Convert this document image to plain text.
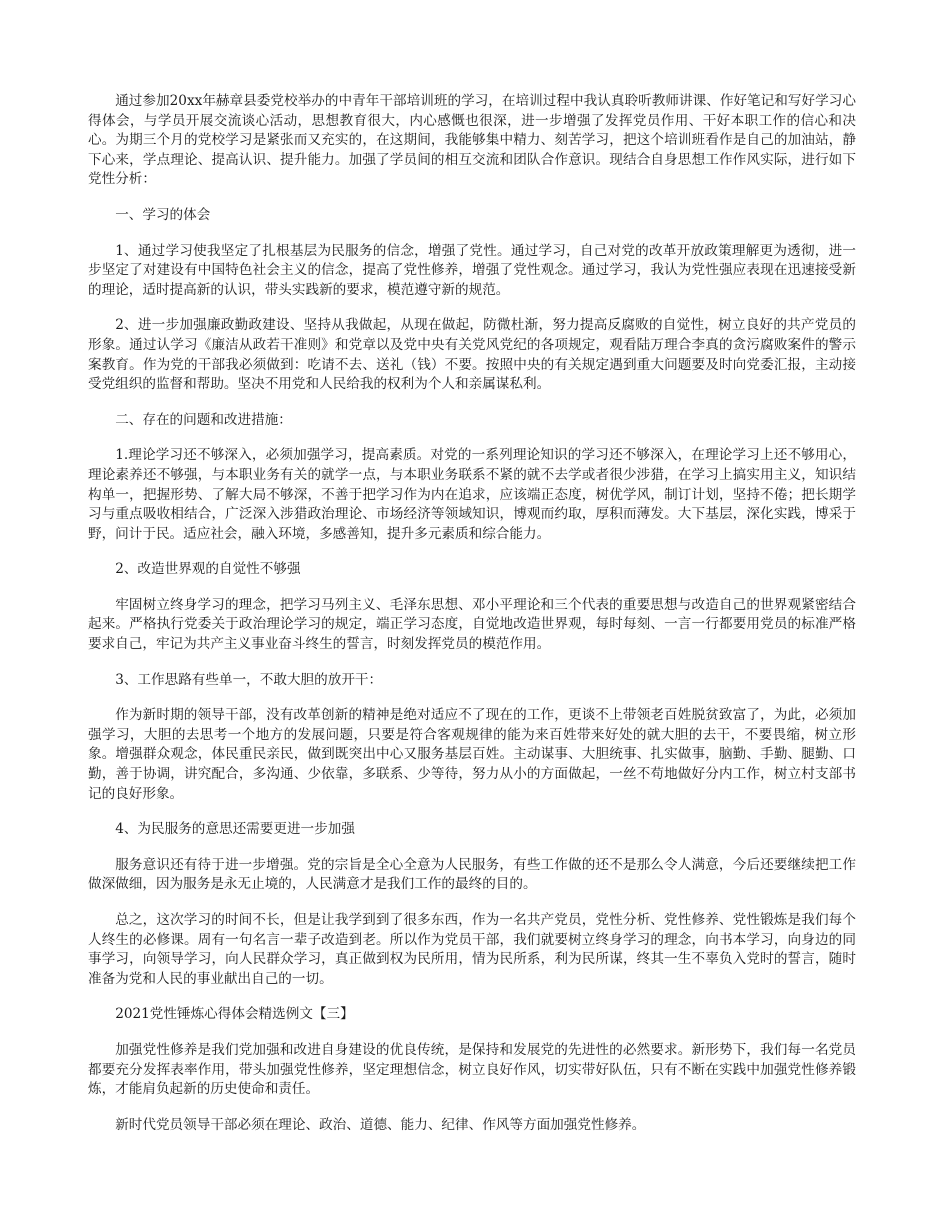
通过参加20xx年赫章县委党校举办的中青年干部培训班的学习，在培训过程中我认真聆听教师讲课、作好笔记和写好学习心得体会，与学员开展交流谈心活动，思想教育很大，内心感慨也很深，进一步增强了发挥党员作用、干好本职工作的信心和决心。为期三个月的党校学习是紧张而又充实的，在这期间，我能够集中精力、刻苦学习，把这个培训班看作是自己的加油站，静下心来，学点理论、提高认识、提升能力。加强了学员间的相互交流和团队合作意识。现结合自身思想工作作风实际，进行如下党性分析：

一、学习的体会

1、通过学习使我坚定了扎根基层为民服务的信念，增强了党性。通过学习，自己对党的改革开放政策理解更为透彻，进一步坚定了对建设有中国特色社会主义的信念，提高了党性修养，增强了党性观念。通过学习，我认为党性强应表现在迅速接受新的理论，适时提高新的认识，带头实践新的要求，模范遵守新的规范。

2、进一步加强廉政勤政建设、坚持从我做起，从现在做起，防微杜渐，努力提高反腐败的自觉性，树立良好的共产党员的形象。通过认学习《廉洁从政若干准则》和党章以及党中央有关党风党纪的各项规定，观看陆万理合李真的贪污腐败案件的警示案教育。作为党的干部我必须做到：吃请不去、送礼（钱）不要。按照中央的有关规定遇到重大问题要及时向党委汇报，主动接受党组织的监督和帮助。坚决不用党和人民给我的权利为个人和亲属谋私利。

二、存在的问题和改进措施：

1.理论学习还不够深入，必须加强学习，提高素质。对党的一系列理论知识的学习还不够深入，在理论学习上还不够用心，理论素养还不够强，与本职业务有关的就学一点，与本职业务联系不紧的就不去学或者很少涉猎，在学习上搞实用主义，知识结构单一，把握形势、了解大局不够深，不善于把学习作为内在追求，应该端正态度，树优学风，制订计划，坚持不倦；把长期学习与重点吸收相结合，广泛深入涉猎政治理论、市场经济等领域知识，博观而约取，厚积而薄发。大下基层，深化实践，博采于野，问计于民。适应社会，融入环境，多感善知，提升多元素质和综合能力。

2、改造世界观的自觉性不够强

牢固树立终身学习的理念，把学习马列主义、毛泽东思想、邓小平理论和三个代表的重要思想与改造自己的世界观紧密结合起来。严格执行党委关于政治理论学习的规定，端正学习态度，自觉地改造世界观，每时每刻、一言一行都要用党员的标准严格要求自己，牢记为共产主义事业奋斗终生的誓言，时刻发挥党员的模范作用。

3、工作思路有些单一，不敢大胆的放开干：

作为新时期的领导干部，没有改革创新的精神是绝对适应不了现在的工作，更谈不上带领老百姓脱贫致富了，为此，必须加强学习，大胆的去思考一个地方的发展问题，只要是符合客观规律的能为来百姓带来好处的就大胆的去干，不要畏缩，树立形象。增强群众观念，体民重民亲民，做到既突出中心又服务基层百姓。主动谋事、大胆统事、扎实做事，脑勤、手勤、腿勤、口勤，善于协调，讲究配合，多沟通、少依靠，多联系、少等待，努力从小的方面做起，一丝不苟地做好分内工作，树立村支部书记的良好形象。

4、为民服务的意思还需要更进一步加强

服务意识还有待于进一步增强。党的宗旨是全心全意为人民服务，有些工作做的还不是那么令人满意，今后还要继续把工作做深做细，因为服务是永无止境的，人民满意才是我们工作的最终的目的。

总之，这次学习的时间不长，但是让我学到到了很多东西，作为一名共产党员，党性分析、党性修养、党性锻炼是我们每个人终生的必修课。周有一句名言一辈子改造到老。所以作为党员干部，我们就要树立终身学习的理念，向书本学习，向身边的同事学习，向领导学习，向人民群众学习，真正做到权为民所用，情为民所系，利为民所谋，终其一生不辜负入党时的誓言，随时准备为党和人民的事业献出自己的一切。

2021党性锤炼心得体会精选例文【三】

加强党性修养是我们党加强和改进自身建设的优良传统，是保持和发展党的先进性的必然要求。新形势下，我们每一名党员都要充分发挥表率作用，带头加强党性修养，坚定理想信念，树立良好作风，切实带好队伍，只有不断在实践中加强党性修养锻炼，才能肩负起新的历史使命和责任。

新时代党员领导干部必须在理论、政治、道德、能力、纪律、作风等方面加强党性修养。
